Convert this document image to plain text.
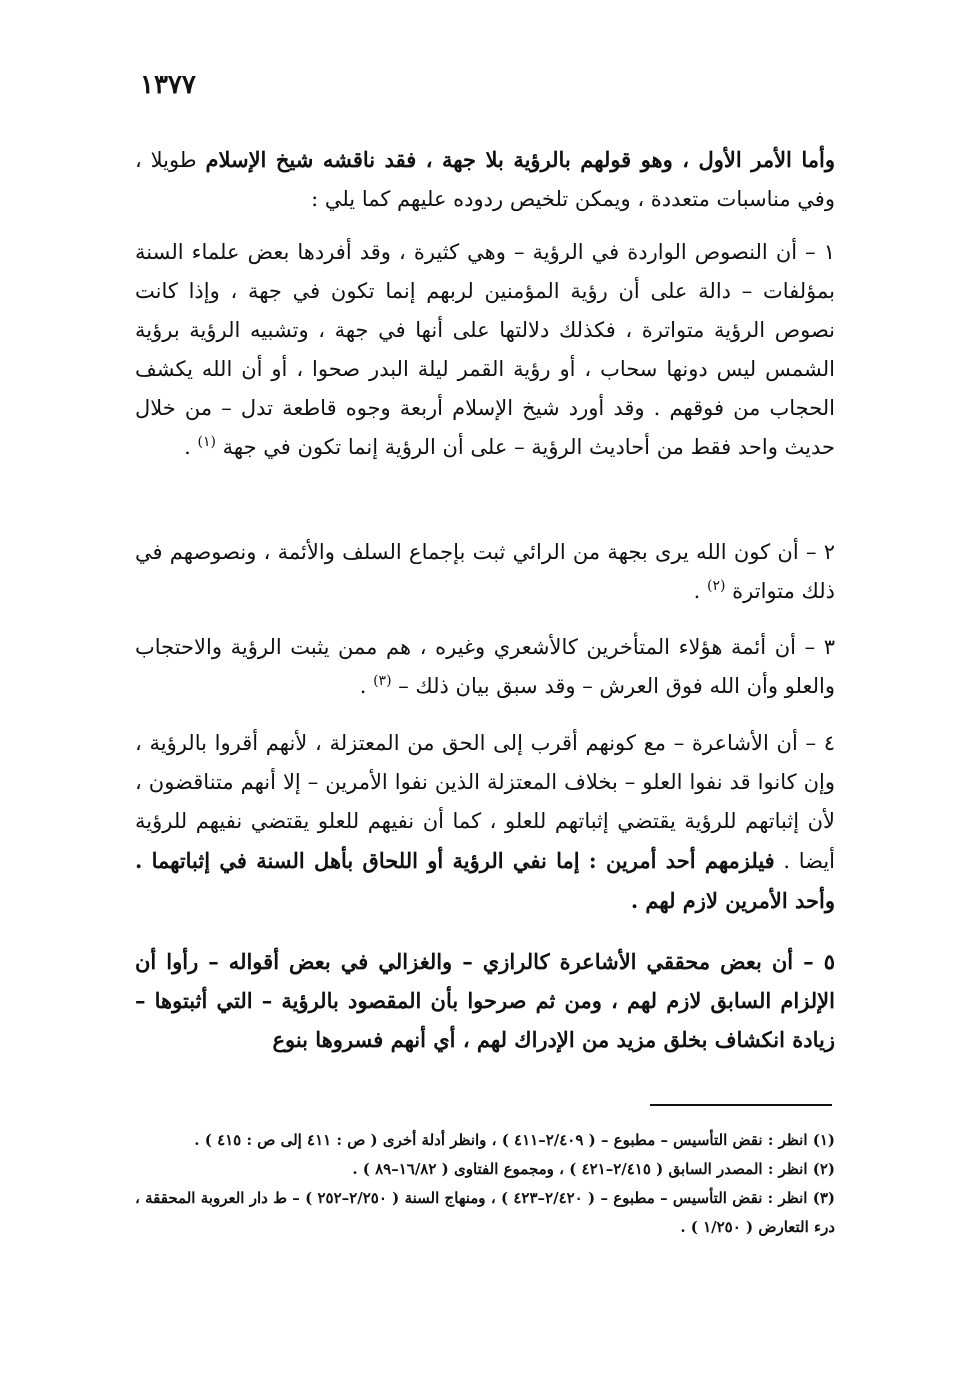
١٣٧٧

وأما الأمر الأول ، وهو قولهم بالرؤية بلا جهة ، فقد ناقشه شيخ الإسلام طويلا ، وفي مناسبات متعددة ، ويمكن تلخيص ردوده عليهم كما يلي :

١ – أن النصوص الواردة في الرؤية – وهي كثيرة ، وقد أفردها بعض علماء السنة بمؤلفات – دالة على أن رؤية المؤمنين لربهم إنما تكون في جهة ، وإذا كانت نصوص الرؤية متواترة ، فكذلك دلالتها على أنها في جهة ، وتشبيه الرؤية برؤية الشمس ليس دونها سحاب ، أو رؤية القمر ليلة البدر صحوا ، أو أن الله يكشف الحجاب من فوقهم . وقد أورد شيخ الإسلام أربعة وجوه قاطعة تدل – من خلال حديث واحد فقط من أحاديث الرؤية – على أن الرؤية إنما تكون في جهة $^{(١)}$ .

٢ – أن كون الله يرى بجهة من الرائي ثبت بإجماع السلف والأئمة ، ونصوصهم في ذلك متواترة $^{(٢)}$ .

٣ – أن أئمة هؤلاء المتأخرين كالأشعري وغيره ، هم ممن يثبت الرؤية والاحتجاب والعلو وأن الله فوق العرش – وقد سبق بيان ذلك – $^{(٣)}$ .

٤ – أن الأشاعرة – مع كونهم أقرب إلى الحق من المعتزلة ، لأنهم أقروا بالرؤية ، وإن كانوا قد نفوا العلو – بخلاف المعتزلة الذين نفوا الأمرين – إلا أنهم متناقضون ، لأن إثباتهم للرؤية يقتضي إثباتهم للعلو ، كما أن نفيهم للعلو يقتضي نفيهم للرؤية أيضا . فيلزمهم أحد أمرين : إما نفي الرؤية أو اللحاق بأهل السنة في إثباتهما . وأحد الأمرين لازم لهم .

٥ – أن بعض محققي الأشاعرة كالرازي – والغزالي في بعض أقواله – رأوا أن الإلزام السابق لازم لهم ، ومن ثم صرحوا بأن المقصود بالرؤية – التي أثبتوها – زيادة انكشاف بخلق مزيد من الإدراك لهم ، أي أنهم فسروها بنوع

(١) انظر : نقض التأسيس – مطبوع – ( ٢/٤٠٩–٤١١ ) ، وانظر أدلة أخرى ( ص : ٤١١ إلى ص : ٤١٥ ) .

(٢) انظر : المصدر السابق ( ٢/٤١٥–٤٢١ ) ، ومجموع الفتاوى ( ١٦/٨٢–٨٩ ) .

(٣) انظر : نقض التأسيس – مطبوع – ( ٢/٤٢٠–٤٢٣ ) ، ومنهاج السنة ( ٢/٢٥٠–٢٥٢ ) – ط دار العروبة المحققة ، درء التعارض ( ١/٢٥٠ ) .
